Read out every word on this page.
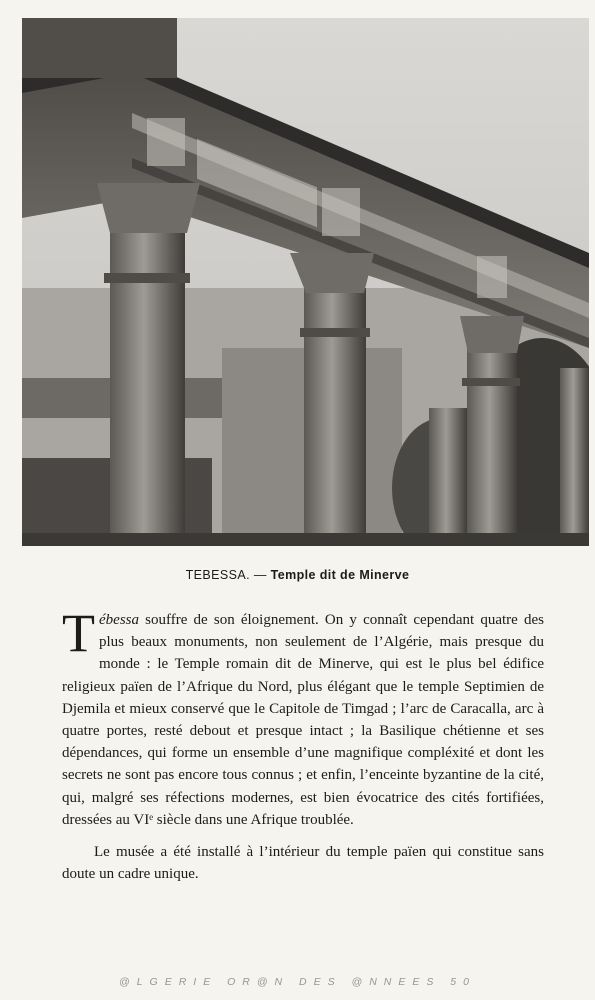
TEBESSA. — Temple dit de Minerve

Tébessa souffre de son éloignement. On y connaît cependant quatre des plus beaux monuments, non seulement de l’Algérie, mais presque du monde : le Temple romain dit de Minerve, qui est le plus bel édifice religieux païen de l’Afrique du Nord, plus élégant que le temple Septimien de Djemila et mieux conservé que le Capitole de Timgad ; l’arc de Caracalla, arc à quatre portes, resté debout et presque intact ; la Basilique chétienne et ses dépendances, qui forme un ensemble d’une magnifique compléxité et dont les secrets ne sont pas encore tous connus ; et enfin, l’enceinte byzantine de la cité, qui, malgré ses réfections modernes, est bien évocatrice des cités fortifiées, dressées au VIᵉ siècle dans une Afrique troublée.

Le musée a été installé à l’intérieur du temple païen qui constitue sans doute un cadre unique.

@LGERIE OR@N DES @NNEES 50
